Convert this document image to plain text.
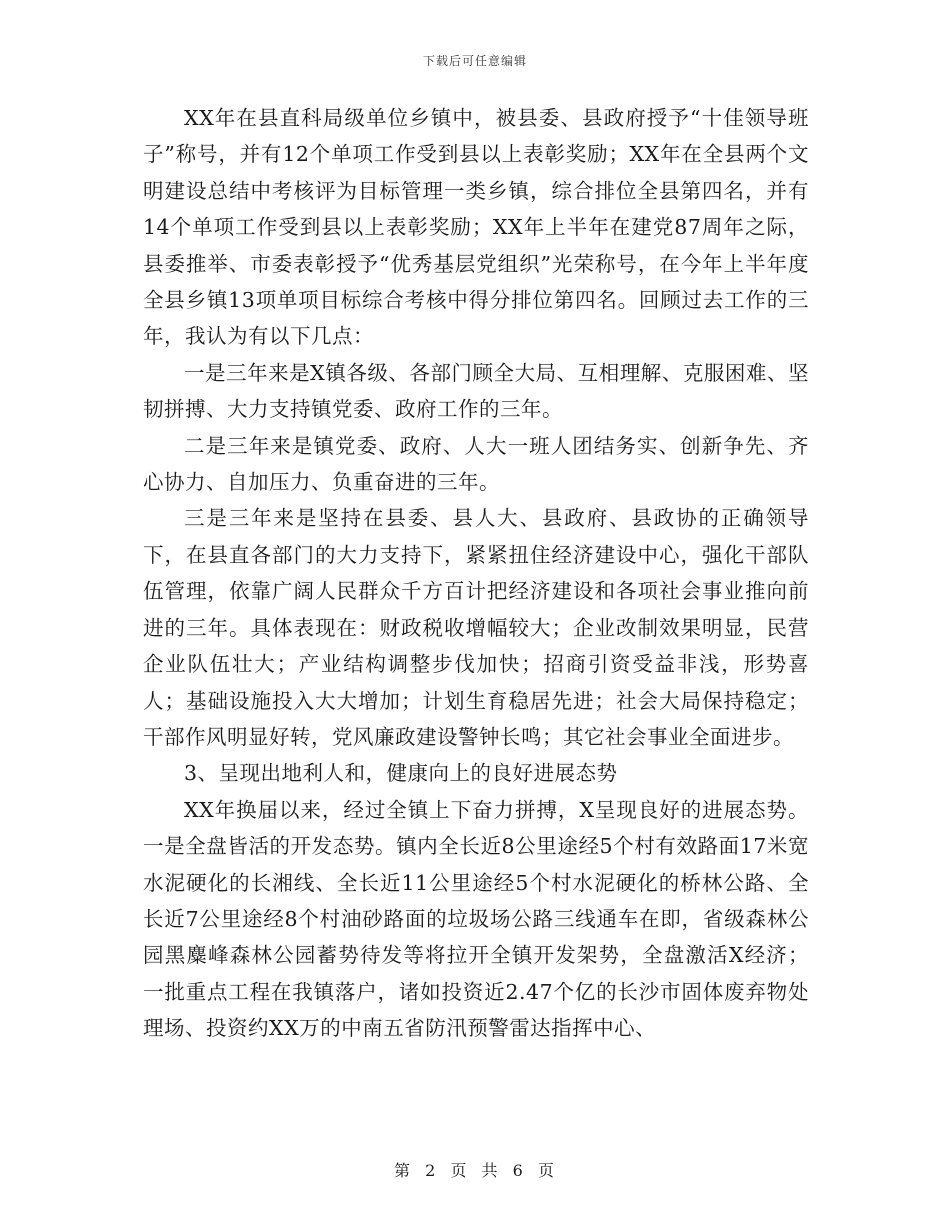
下载后可任意编辑

XX年在县直科局级单位乡镇中，被县委、县政府授予“十佳领导班子”称号，并有12个单项工作受到县以上表彰奖励；XX年在全县两个文明建设总结中考核评为目标管理一类乡镇，综合排位全县第四名，并有14个单项工作受到县以上表彰奖励；XX年上半年在建党87周年之际，县委推举、市委表彰授予“优秀基层党组织”光荣称号，在今年上半年度全县乡镇13项单项目标综合考核中得分排位第四名。回顾过去工作的三年，我认为有以下几点：

一是三年来是X镇各级、各部门顾全大局、互相理解、克服困难、坚韧拼搏、大力支持镇党委、政府工作的三年。

二是三年来是镇党委、政府、人大一班人团结务实、创新争先、齐心协力、自加压力、负重奋进的三年。

三是三年来是坚持在县委、县人大、县政府、县政协的正确领导下，在县直各部门的大力支持下，紧紧扭住经济建设中心，强化干部队伍管理，依靠广阔人民群众千方百计把经济建设和各项社会事业推向前进的三年。具体表现在：财政税收增幅较大；企业改制效果明显，民营企业队伍壮大；产业结构调整步伐加快；招商引资受益非浅，形势喜人；基础设施投入大大增加；计划生育稳居先进；社会大局保持稳定；干部作风明显好转，党风廉政建设警钟长鸣；其它社会事业全面进步。

3、呈现出地利人和，健康向上的良好进展态势

XX年换届以来，经过全镇上下奋力拼搏，X呈现良好的进展态势。一是全盘皆活的开发态势。镇内全长近8公里途经5个村有效路面17米宽水泥硬化的长湘线、全长近11公里途经5个村水泥硬化的桥林公路、全长近7公里途经8个村油砂路面的垃圾场公路三线通车在即，省级森林公园黑麋峰森林公园蓄势待发等将拉开全镇开发架势，全盘激活X经济；一批重点工程在我镇落户，诸如投资近2.47个亿的长沙市固体废弃物处理场、投资约XX万的中南五省防汛预警雷达指挥中心、

第 2 页 共 6 页
